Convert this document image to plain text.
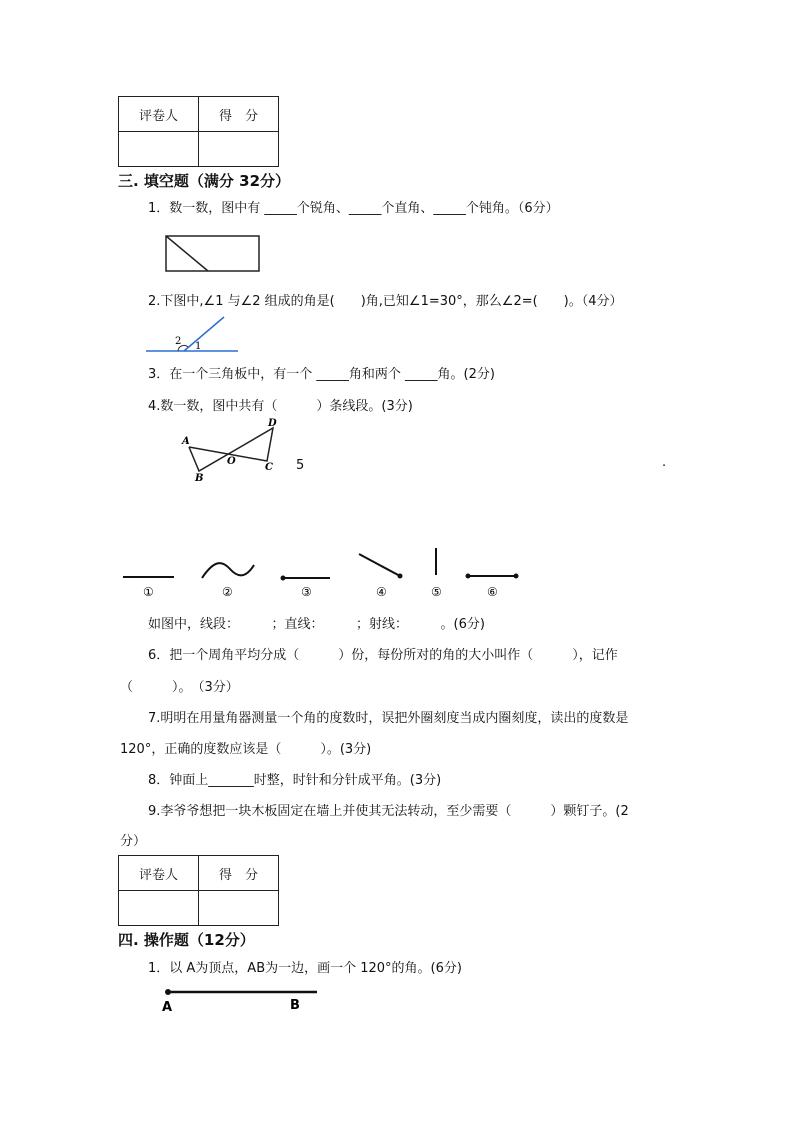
评卷人	得　分

三. 填空题（满分 32分）
1．数一数，图中有 _____个锐角、_____个直角、_____个钝角。（6分）
2.下图中,∠1 与∠2 组成的角是(　　)角,已知∠1=30°，那么∠2=(　　)。（4分）
2 1
3．在一个三角板中，有一个 _____角和两个 _____角。(2分)
4.数一数，图中共有（　　　）条线段。(3分)
A
B
O
C
D
5	.
①	②	③	④	⑤	⑥
如图中，线段：　　　；直线：　　　；射线：　　　。(6分)
6．把一个周角平均分成（　　　）份，每份所对的角的大小叫作（　　　），记作
（　　　）。　（3分）
7.明明在用量角器测量一个角的度数时，误把外圈刻度当成内圈刻度，读出的度数是
120°，正确的度数应该是（　　　）。(3分)
8．钟面上_______时整，时针和分针成平角。(3分)
9.李爷爷想把一块木板固定在墙上并使其无法转动，至少需要（　　　）颗钉子。(2
分）
评卷人	得　分

四. 操作题（12分）
1．以 A为顶点，AB为一边，画一个 120°的角。(6分)
A	B
